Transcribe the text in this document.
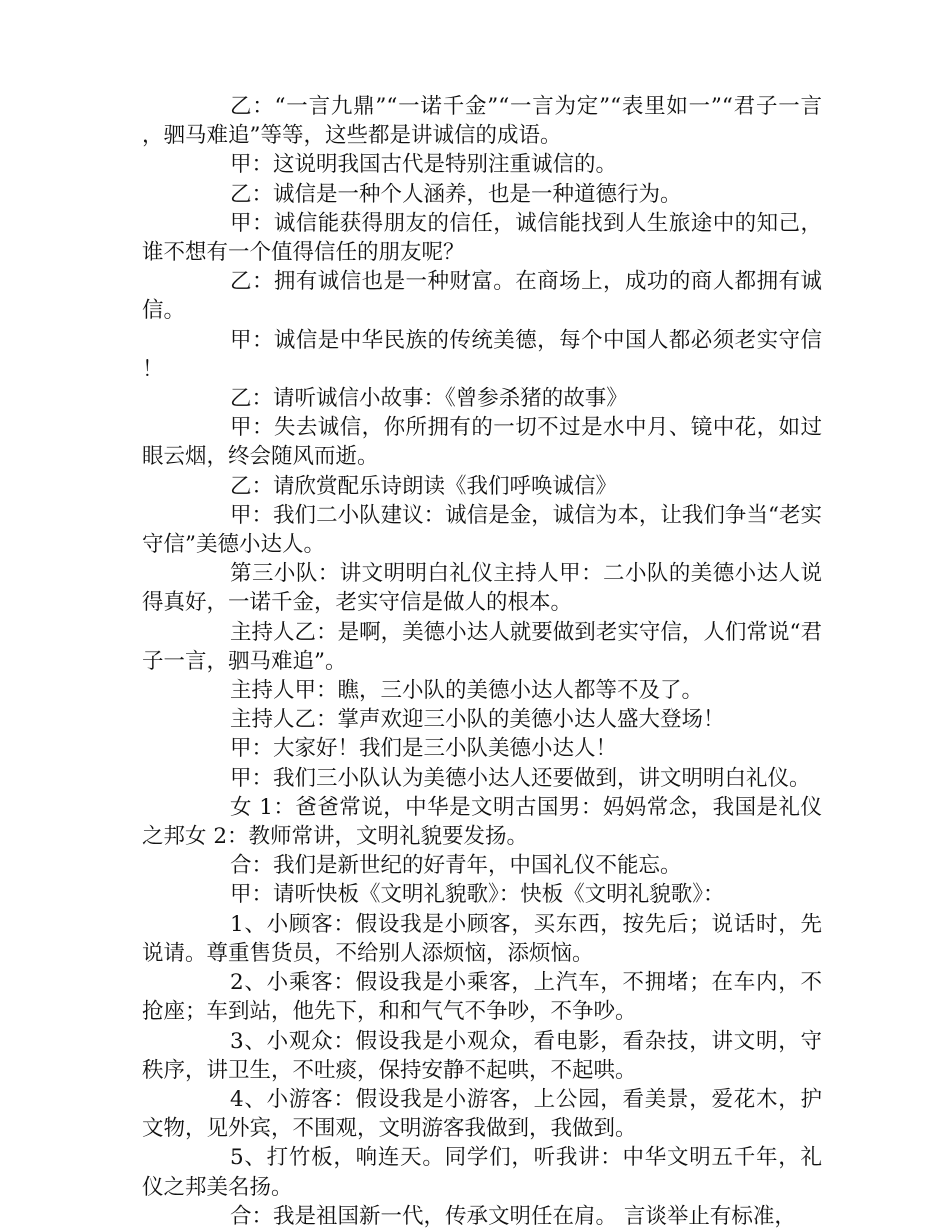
乙：“一言九鼎”“一诺千金”“一言为定”“表里如一”“君子一言，驷马难追”等等，这些都是讲诚信的成语。

甲：这说明我国古代是特别注重诚信的。

乙：诚信是一种个人涵养，也是一种道德行为。

甲：诚信能获得朋友的信任，诚信能找到人生旅途中的知己，谁不想有一个值得信任的朋友呢？

乙：拥有诚信也是一种财富。在商场上，成功的商人都拥有诚信。

甲：诚信是中华民族的传统美德，每个中国人都必须老实守信！

乙：请听诚信小故事：《曾参杀猪的故事》

甲：失去诚信，你所拥有的一切不过是水中月、镜中花，如过眼云烟，终会随风而逝。

乙：请欣赏配乐诗朗读《我们呼唤诚信》

甲：我们二小队建议：诚信是金，诚信为本，让我们争当“老实守信”美德小达人。

第三小队：讲文明明白礼仪主持人甲：二小队的美德小达人说得真好，一诺千金，老实守信是做人的根本。

主持人乙：是啊，美德小达人就要做到老实守信，人们常说“君子一言，驷马难追”。

主持人甲：瞧，三小队的美德小达人都等不及了。

主持人乙：掌声欢迎三小队的美德小达人盛大登场！

甲：大家好！我们是三小队美德小达人！

甲：我们三小队认为美德小达人还要做到，讲文明明白礼仪。

女 1：爸爸常说，中华是文明古国男：妈妈常念，我国是礼仪之邦女 2：教师常讲，文明礼貌要发扬。

合：我们是新世纪的好青年，中国礼仪不能忘。

甲：请听快板《文明礼貌歌》：快板《文明礼貌歌》：

1、小顾客：假设我是小顾客，买东西，按先后；说话时，先说请。尊重售货员，不给别人添烦恼，添烦恼。

2、小乘客：假设我是小乘客，上汽车，不拥堵；在车内，不抢座；车到站，他先下，和和气气不争吵，不争吵。

3、小观众：假设我是小观众，看电影，看杂技，讲文明，守秩序，讲卫生，不吐痰，保持安静不起哄，不起哄。

4、小游客：假设我是小游客，上公园，看美景，爱花木，护文物，见外宾，不围观，文明游客我做到，我做到。

5、打竹板，响连天。同学们，听我讲：中华文明五千年，礼仪之邦美名扬。

合：我是祖国新一代，传承文明任在肩。 言谈举止有标准，
